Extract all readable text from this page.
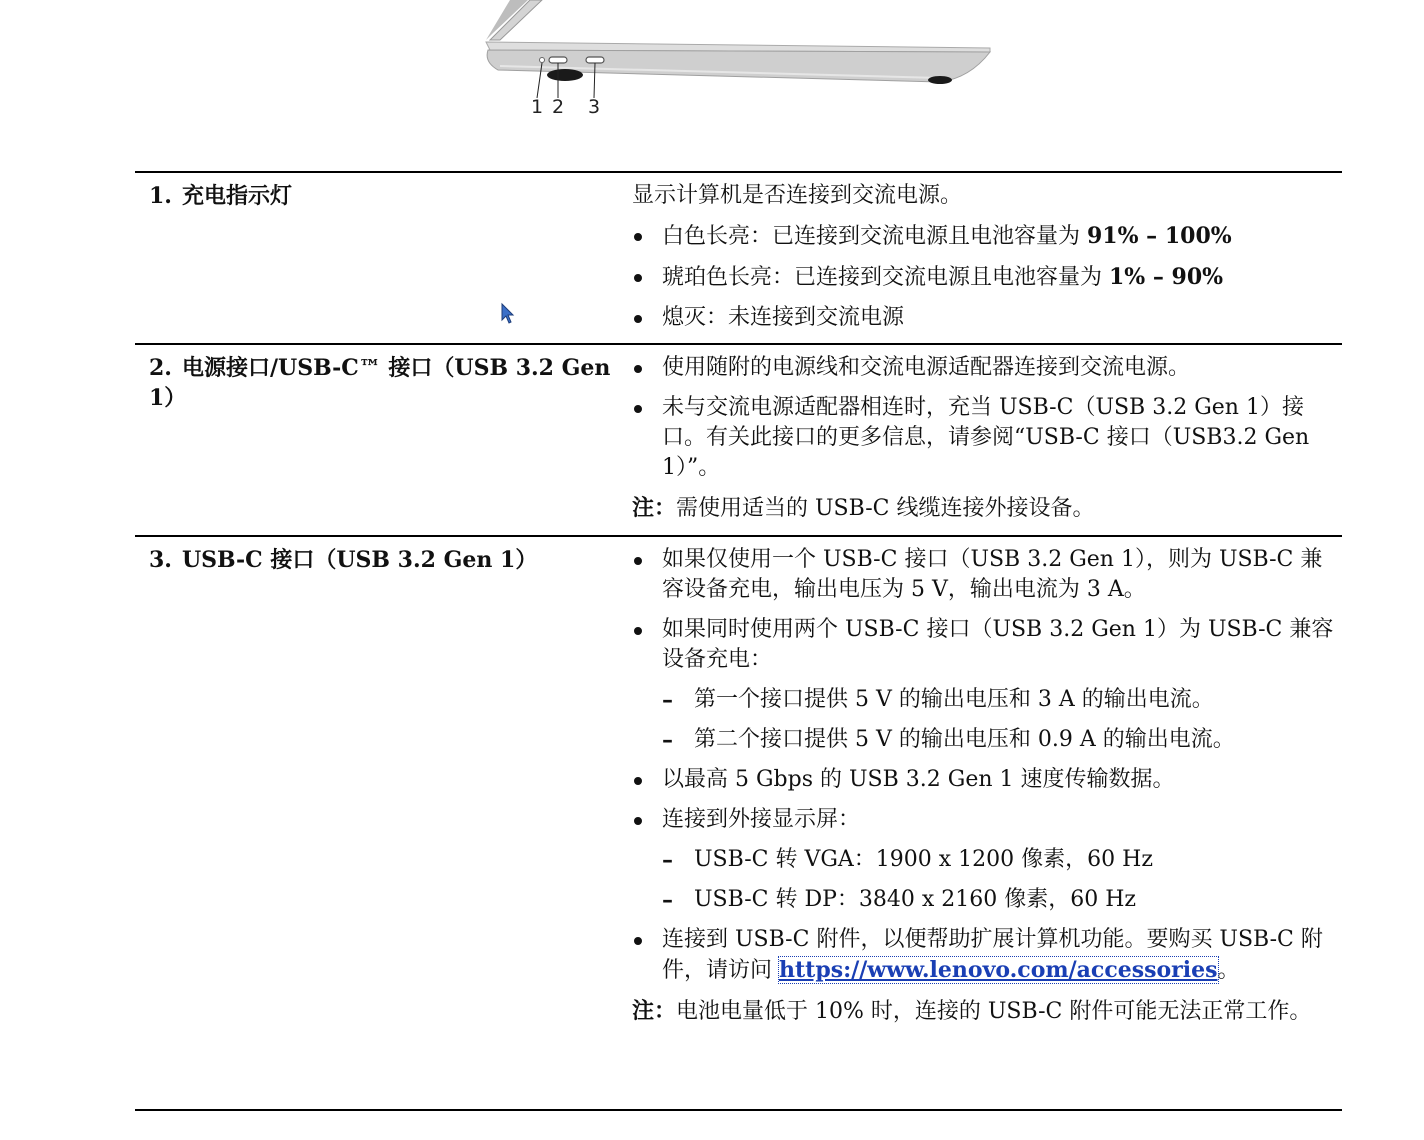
1 2 3
1. 充电指示灯	显示计算机是否连接到交流电源。

白色长亮：已连接到交流电源且电池容量为 91% – 100%
琥珀色长亮：已连接到交流电源且电池容量为 1% – 90%
熄灭：未连接到交流电源
2. 电源接口/USB-C™ 接口（USB 3.2 Gen 1）
使用随附的电源线和交流电源适配器连接到交流电源。
未与交流电源适配器相连时，充当 USB-C（USB 3.2 Gen 1）接口。有关此接口的更多信息，请参阅“USB-C 接口（USB3.2 Gen 1）”。

注：需使用适当的 USB-C 线缆连接外接设备。

3. USB-C 接口（USB 3.2 Gen 1）	如果仅使用一个 USB-C 接口（USB 3.2 Gen 1），则为 USB-C 兼容设备充电，输出电压为 5 V，输出电流为 3 A。
如果同时使用两个 USB-C 接口（USB 3.2 Gen 1）为 USB-C 兼容设备充电：
– 第一个接口提供 5 V 的输出电压和 3 A 的输出电流。
– 第二个接口提供 5 V 的输出电压和 0.9 A 的输出电流。
以最高 5 Gbps 的 USB 3.2 Gen 1 速度传输数据。
连接到外接显示屏：
– USB-C 转 VGA：1900 x 1200 像素，60 Hz
– USB-C 转 DP：3840 x 2160 像素，60 Hz
连接到 USB-C 附件，以便帮助扩展计算机功能。要购买 USB-C 附件，请访问 https://www.lenovo.com/accessories。

注：电池电量低于 10% 时，连接的 USB-C 附件可能无法正常工作。
